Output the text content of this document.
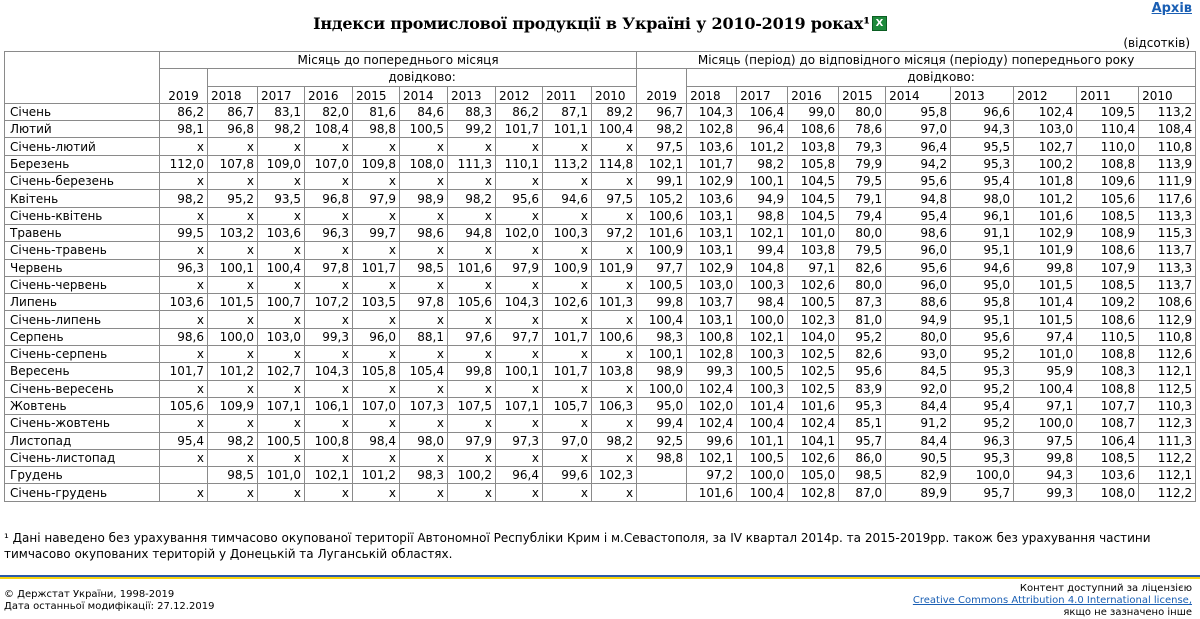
Архів
Індекси промислової продукції в Україні у 2010-2019 роках¹ X
(відсотків)
	Місяць до попереднього місяця										Місяць (період) до відповідного місяця (періоду) попереднього року									
	2019	довідково:									2019	довідково:								
		2018	2017	2016	2015	2014	2013	2012	2011	2010		2018	2017	2016	2015	2014	2013	2012	2011	2010
Січень	86,2	86,7	83,1	82,0	81,6	84,6	88,3	86,2	87,1	89,2	96,7	104,3	106,4	99,0	80,0	95,8	96,6	102,4	109,5	113,2
Лютий	98,1	96,8	98,2	108,4	98,8	100,5	99,2	101,7	101,1	100,4	98,2	102,8	96,4	108,6	78,6	97,0	94,3	103,0	110,4	108,4
Січень-лютий	x	x	x	x	x	x	x	x	x	x	97,5	103,6	101,2	103,8	79,3	96,4	95,5	102,7	110,0	110,8
Березень	112,0	107,8	109,0	107,0	109,8	108,0	111,3	110,1	113,2	114,8	102,1	101,7	98,2	105,8	79,9	94,2	95,3	100,2	108,8	113,9
Січень-березень	x	x	x	x	x	x	x	x	x	x	99,1	102,9	100,1	104,5	79,5	95,6	95,4	101,8	109,6	111,9
Квітень	98,2	95,2	93,5	96,8	97,9	98,9	98,2	95,6	94,6	97,5	105,2	103,6	94,9	104,5	79,1	94,8	98,0	101,2	105,6	117,6
Січень-квітень	x	x	x	x	x	x	x	x	x	x	100,6	103,1	98,8	104,5	79,4	95,4	96,1	101,6	108,5	113,3
Травень	99,5	103,2	103,6	96,3	99,7	98,6	94,8	102,0	100,3	97,2	101,6	103,1	102,1	101,0	80,0	98,6	91,1	102,9	108,9	115,3
Січень-травень	x	x	x	x	x	x	x	x	x	x	100,9	103,1	99,4	103,8	79,5	96,0	95,1	101,9	108,6	113,7
Червень	96,3	100,1	100,4	97,8	101,7	98,5	101,6	97,9	100,9	101,9	97,7	102,9	104,8	97,1	82,6	95,6	94,6	99,8	107,9	113,3
Січень-червень	x	x	x	x	x	x	x	x	x	x	100,5	103,0	100,3	102,6	80,0	96,0	95,0	101,5	108,5	113,7
Липень	103,6	101,5	100,7	107,2	103,5	97,8	105,6	104,3	102,6	101,3	99,8	103,7	98,4	100,5	87,3	88,6	95,8	101,4	109,2	108,6
Січень-липень	x	x	x	x	x	x	x	x	x	x	100,4	103,1	100,0	102,3	81,0	94,9	95,1	101,5	108,6	112,9
Серпень	98,6	100,0	103,0	99,3	96,0	88,1	97,6	97,7	101,7	100,6	98,3	100,8	102,1	104,0	95,2	80,0	95,6	97,4	110,5	110,8
Січень-серпень	x	x	x	x	x	x	x	x	x	x	100,1	102,8	100,3	102,5	82,6	93,0	95,2	101,0	108,8	112,6
Вересень	101,7	101,2	102,7	104,3	105,8	105,4	99,8	100,1	101,7	103,8	98,9	99,3	100,5	102,5	95,6	84,5	95,3	95,9	108,3	112,1
Січень-вересень	x	x	x	x	x	x	x	x	x	x	100,0	102,4	100,3	102,5	83,9	92,0	95,2	100,4	108,8	112,5
Жовтень	105,6	109,9	107,1	106,1	107,0	107,3	107,5	107,1	105,7	106,3	95,0	102,0	101,4	101,6	95,3	84,4	95,4	97,1	107,7	110,3
Січень-жовтень	x	x	x	x	x	x	x	x	x	x	99,4	102,4	100,4	102,4	85,1	91,2	95,2	100,0	108,7	112,3
Листопад	95,4	98,2	100,5	100,8	98,4	98,0	97,9	97,3	97,0	98,2	92,5	99,6	101,1	104,1	95,7	84,4	96,3	97,5	106,4	111,3
Січень-листопад	x	x	x	x	x	x	x	x	x	x	98,8	102,1	100,5	102,6	86,0	90,5	95,3	99,8	108,5	112,2
Грудень		98,5	101,0	102,1	101,2	98,3	100,2	96,4	99,6	102,3		97,2	100,0	105,0	98,5	82,9	100,0	94,3	103,6	112,1
Січень-грудень	x	x	x	x	x	x	x	x	x	x		101,6	100,4	102,8	87,0	89,9	95,7	99,3	108,0	112,2
¹ Дані наведено без урахування тимчасово окупованої території Автономної Республіки Крим і м.Севастополя, за IV квартал 2014р. та 2015-2019рр. також без урахування частини тимчасово окупованих територій у Донецькій та Луганській областях.
© Держстат України, 1998-2019
Дата останньої модифікації: 27.12.2019
Контент доступний за ліцензією
Creative Commons Attribution 4.0 International license,
якщо не зазначено інше
